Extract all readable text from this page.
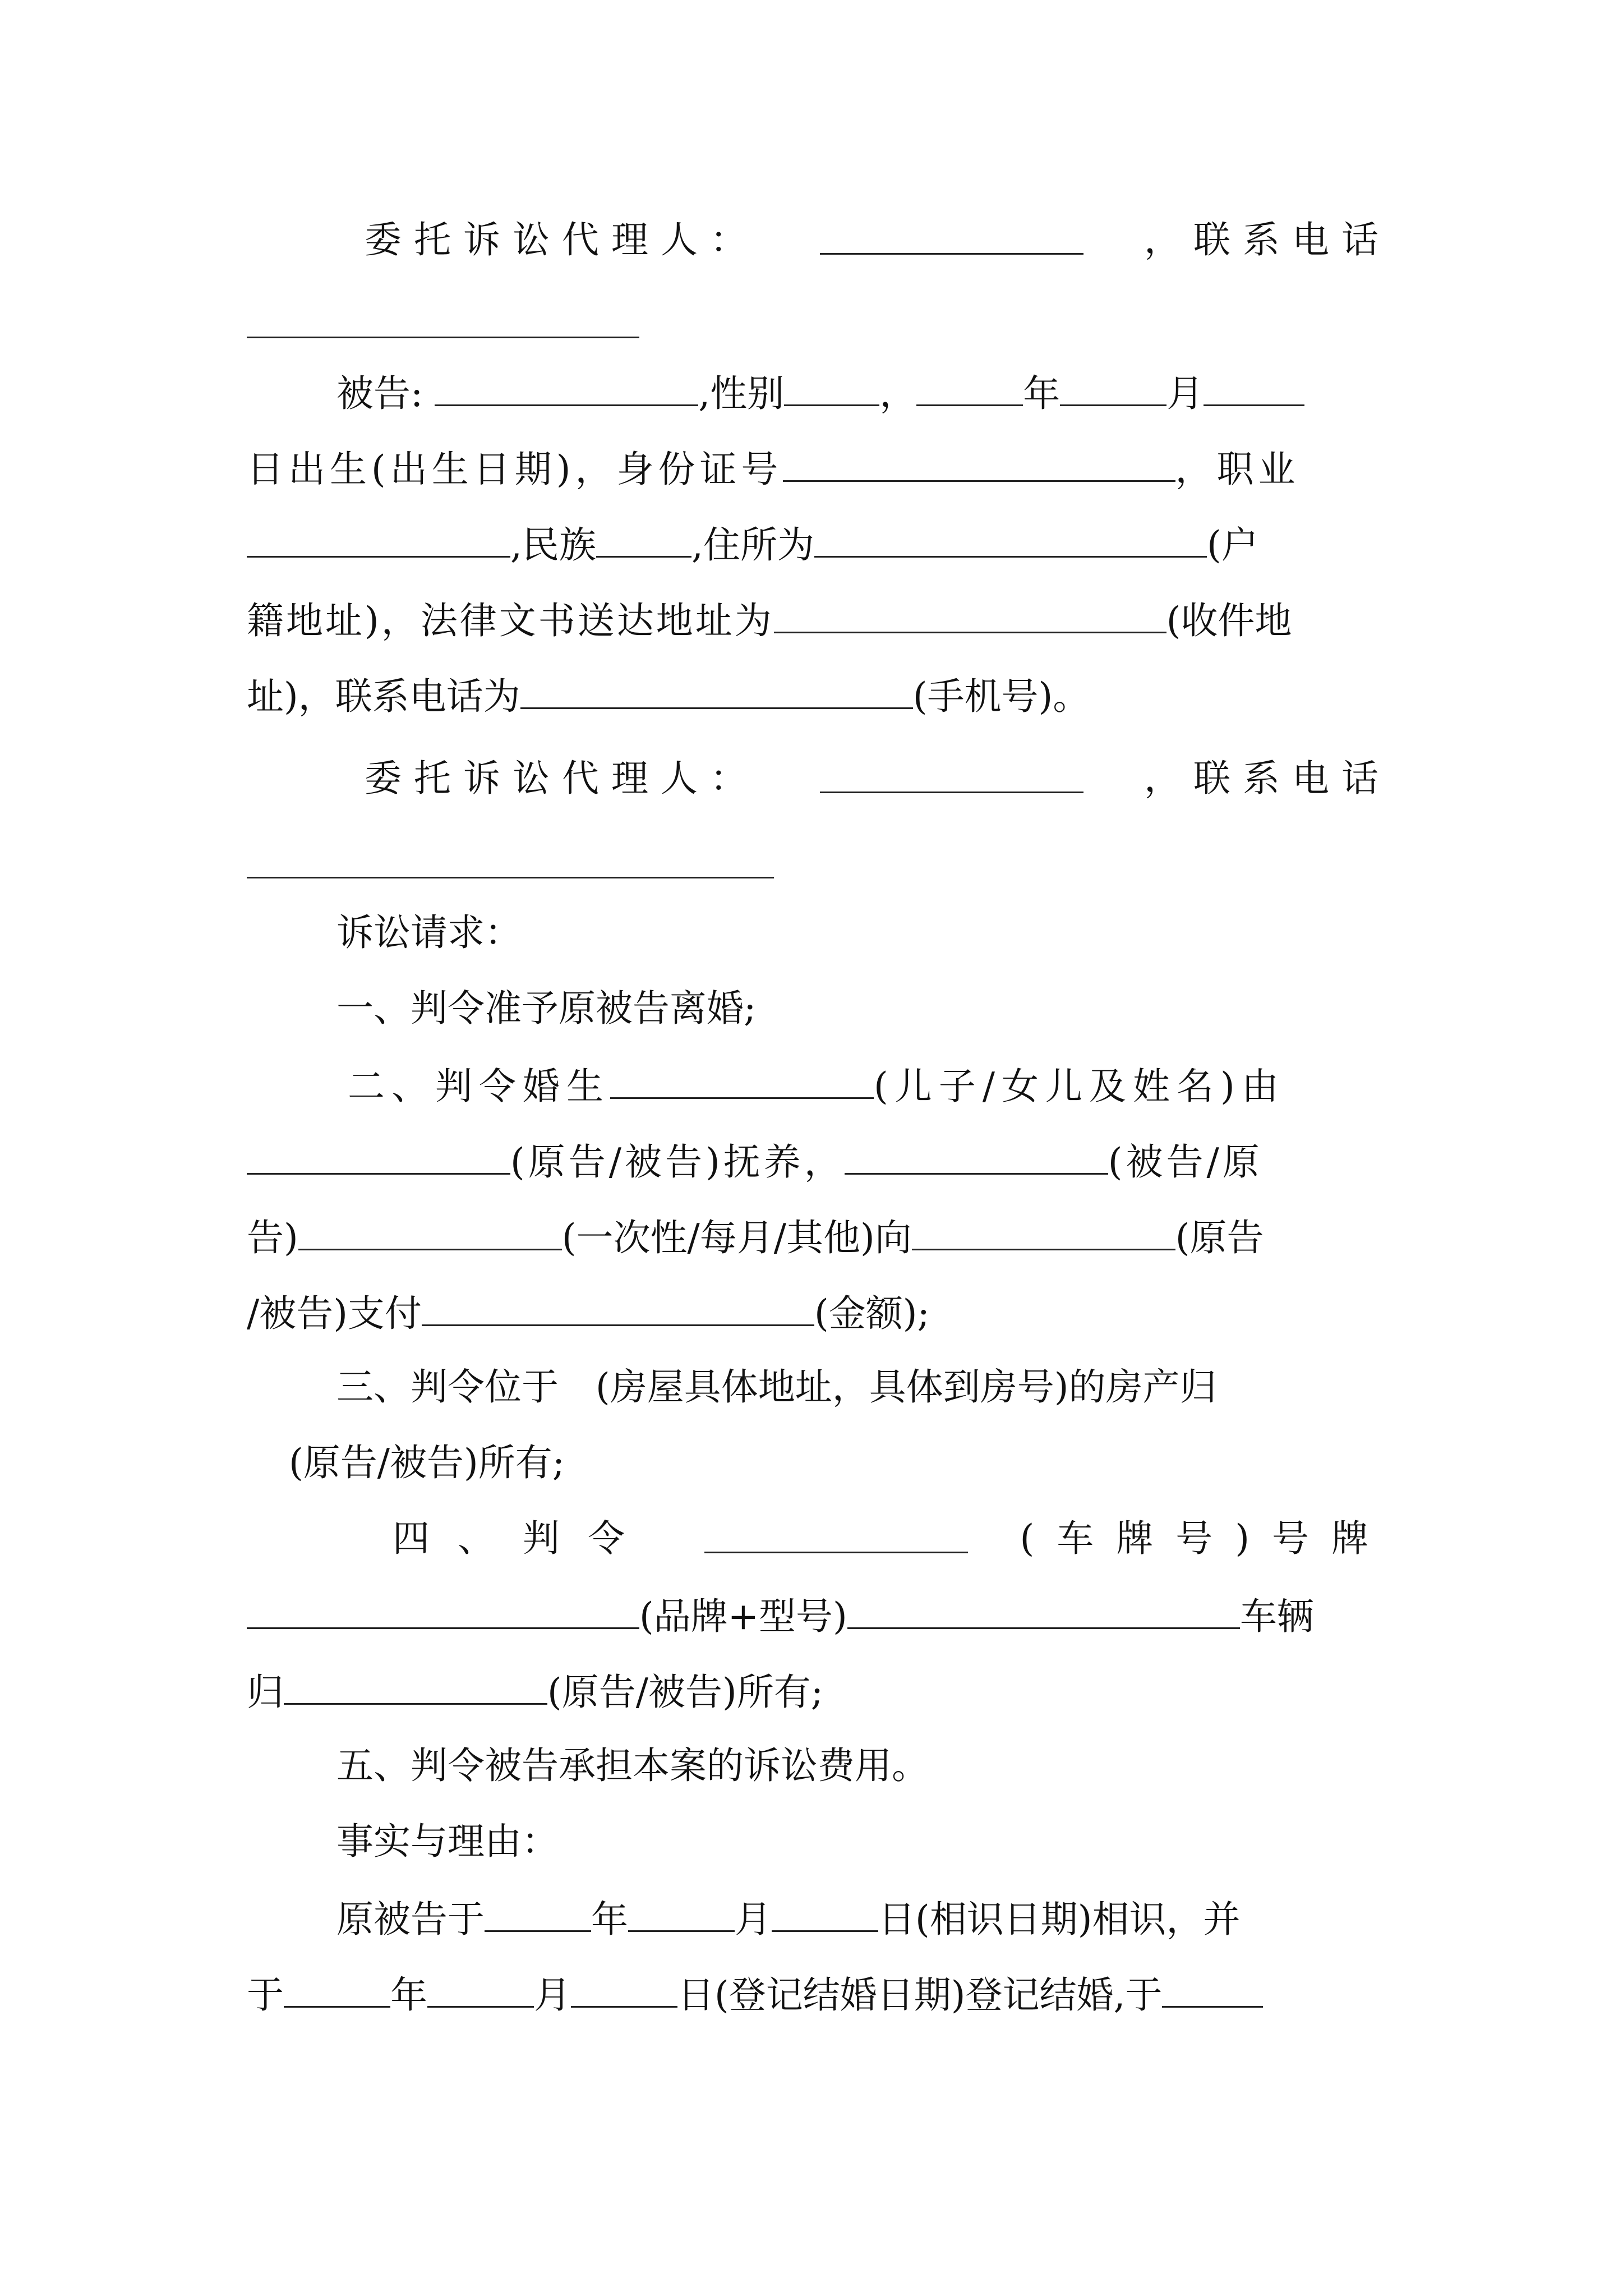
委托诉讼代理人：	，联系电话
被告:	,性别	，	年	月
日出生(出生日期)，身份证号	，职业
,民族	,住所为	(户
籍地址)，法律文书送达地址为	(收件地
址)，联系电话为	(手机号)。
委托诉讼代理人：	，联系电话
诉讼请求：
一、判令准予原被告离婚;
二、判令婚生	(儿子/女儿及姓名)由
(原告/被告)抚养，	(被告/原
告)	(一次性/每月/其他)向	(原告
/被告)支付	(金额);
三、判令位于　(房屋具体地址，具体到房号)的房产归
(原告/被告)所有;
四、判令	(车牌号)号牌
(品牌+型号)	车辆
归	(原告/被告)所有;
五、判令被告承担本案的诉讼费用。
事实与理由：
原被告于	年	月	日(相识日期)相识，并
于	年	月	日(登记结婚日期)登记结婚,于
